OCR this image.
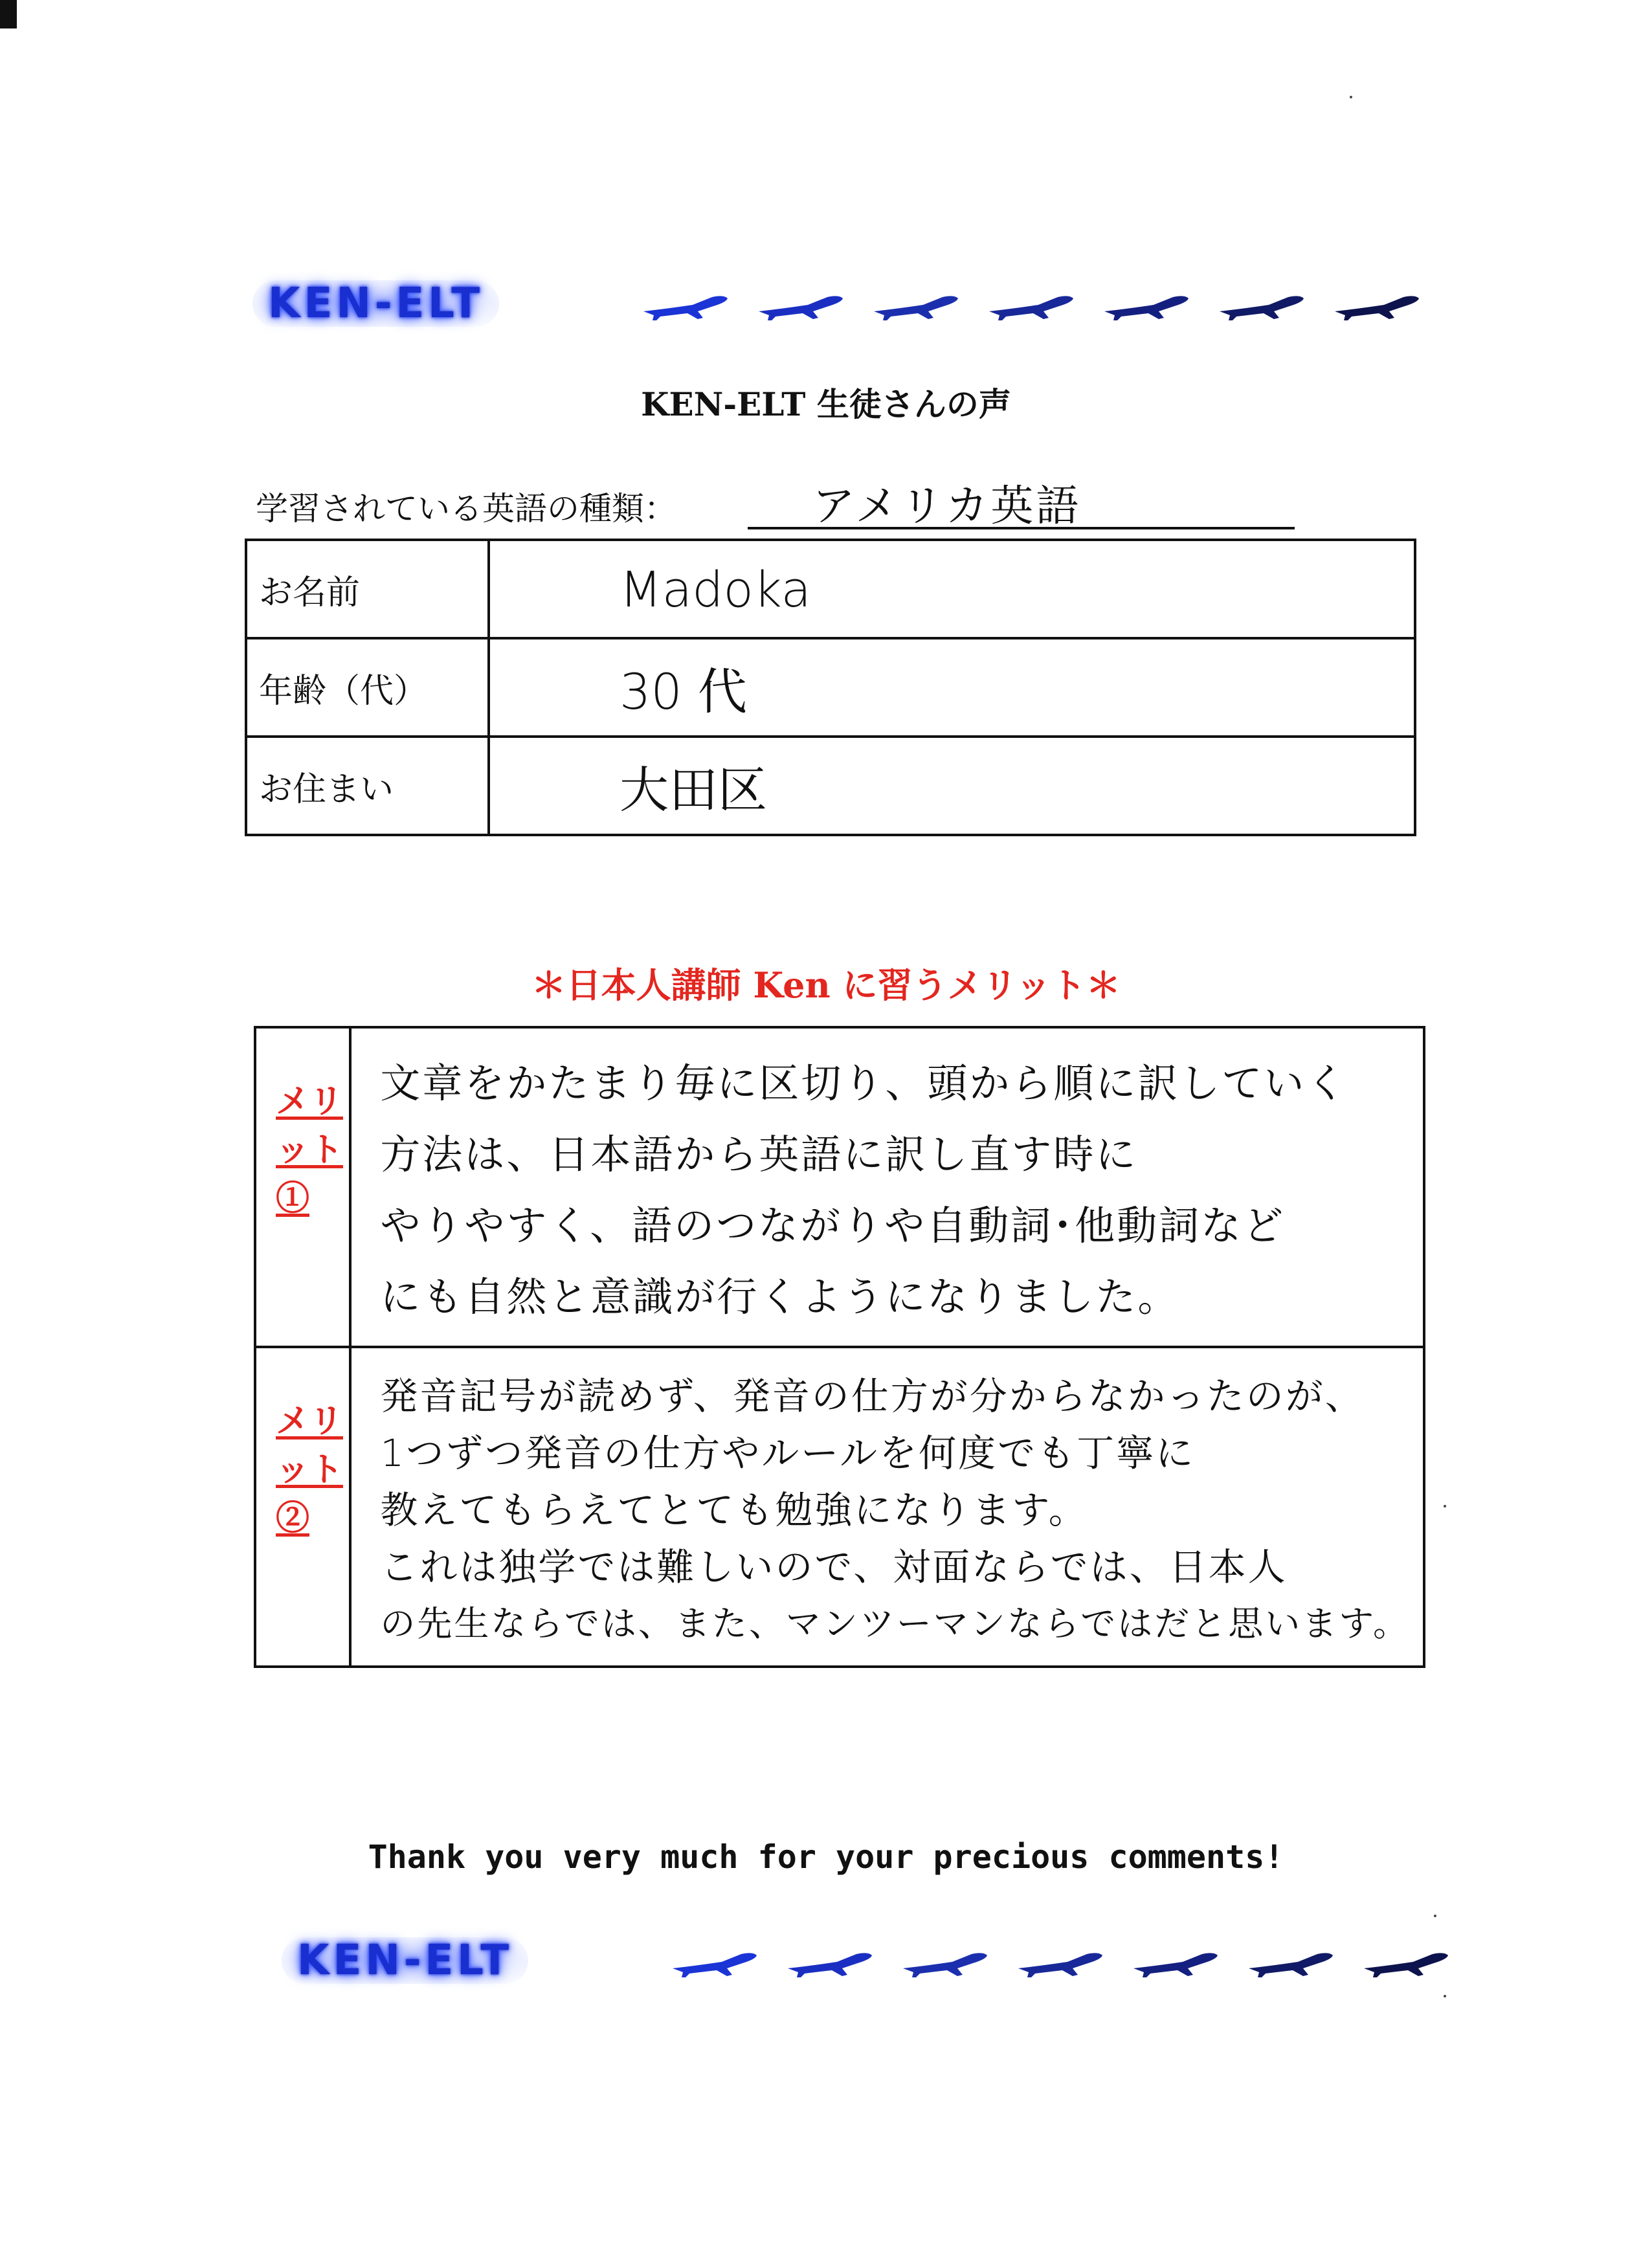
KEN-ELT
KEN-ELT 生徒さんの声
学習されている英語の種類：	アメリカ英語
お名前	Madoka
年齢（代）	30 代
お住まい	大田区
＊日本人講師 Ken に習うメリット＊
メリット①	文章をかたまり毎に区切り、頭から順に訳していく
方法は、日本語から英語に訳し直す時に
やりやすく、語のつながりや自動詞･他動詞など
にも自然と意識が行くようになりました。

メリット②	発音記号が読めず、発音の仕方が分からなかったのが、
1つずつ発音の仕方やルールを何度でも丁寧に
教えてもらえてとても勉強になります。
これは独学では難しいので、対面ならでは、日本人
の先生ならでは、また、マンツーマンならではだと思います。
Thank you very much for your precious comments!
KEN-ELT
